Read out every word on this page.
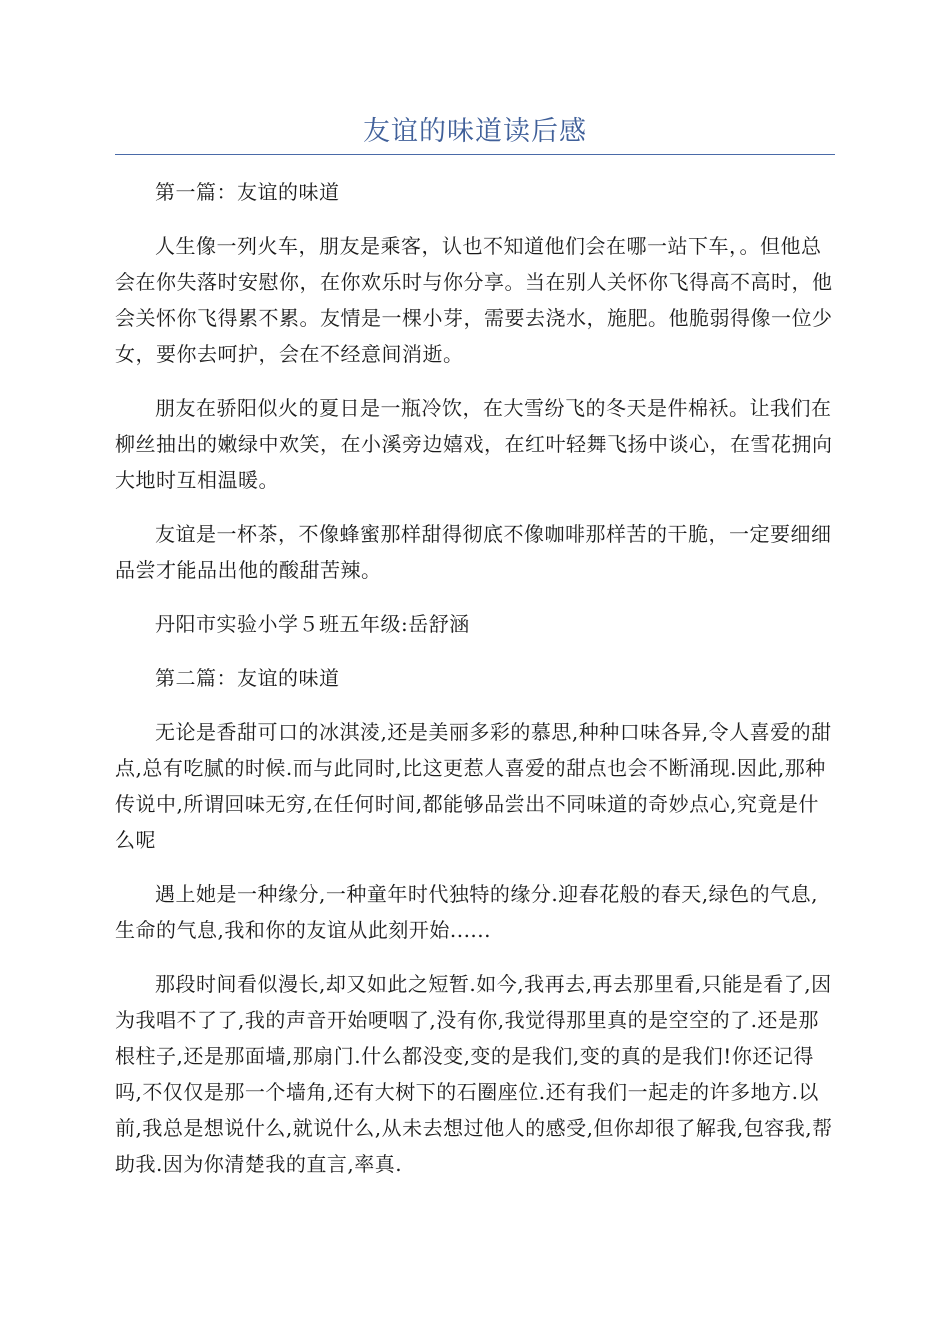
友谊的味道读后感

第一篇：友谊的味道

人生像一列火车，朋友是乘客，认也不知道他们会在哪一站下车，。但他总会在你失落时安慰你，在你欢乐时与你分享。当在别人关怀你飞得高不高时，他会关怀你飞得累不累。友情是一棵小芽，需要去浇水，施肥。他脆弱得像一位少女，要你去呵护，会在不经意间消逝。

朋友在骄阳似火的夏日是一瓶冷饮，在大雪纷飞的冬天是件棉袄。让我们在柳丝抽出的嫩绿中欢笑，在小溪旁边嬉戏，在红叶轻舞飞扬中谈心，在雪花拥向大地时互相温暖。

友谊是一杯茶，不像蜂蜜那样甜得彻底不像咖啡那样苦的干脆，一定要细细品尝才能品出他的酸甜苦辣。

丹阳市实验小学５班五年级:岳舒涵

第二篇：友谊的味道

无论是香甜可口的冰淇淩,还是美丽多彩的慕思,种种口味各异,令人喜爱的甜点,总有吃腻的时候.而与此同时,比这更惹人喜爱的甜点也会不断涌现.因此,那种传说中,所谓回味无穷,在任何时间,都能够品尝出不同味道的奇妙点心,究竟是什么呢

遇上她是一种缘分,一种童年时代独特的缘分.迎春花般的春天,绿色的气息,生命的气息,我和你的友谊从此刻开始......

那段时间看似漫长,却又如此之短暂.如今,我再去,再去那里看,只能是看了,因为我唱不了了,我的声音开始哽咽了,没有你,我觉得那里真的是空空的了.还是那根柱子,还是那面墙,那扇门.什么都没变,变的是我们,变的真的是我们!你还记得吗,不仅仅是那一个墙角,还有大树下的石圈座位.还有我们一起走的许多地方.以前,我总是想说什么,就说什么,从未去想过他人的感受,但你却很了解我,包容我,帮助我.因为你清楚我的直言,率真.
